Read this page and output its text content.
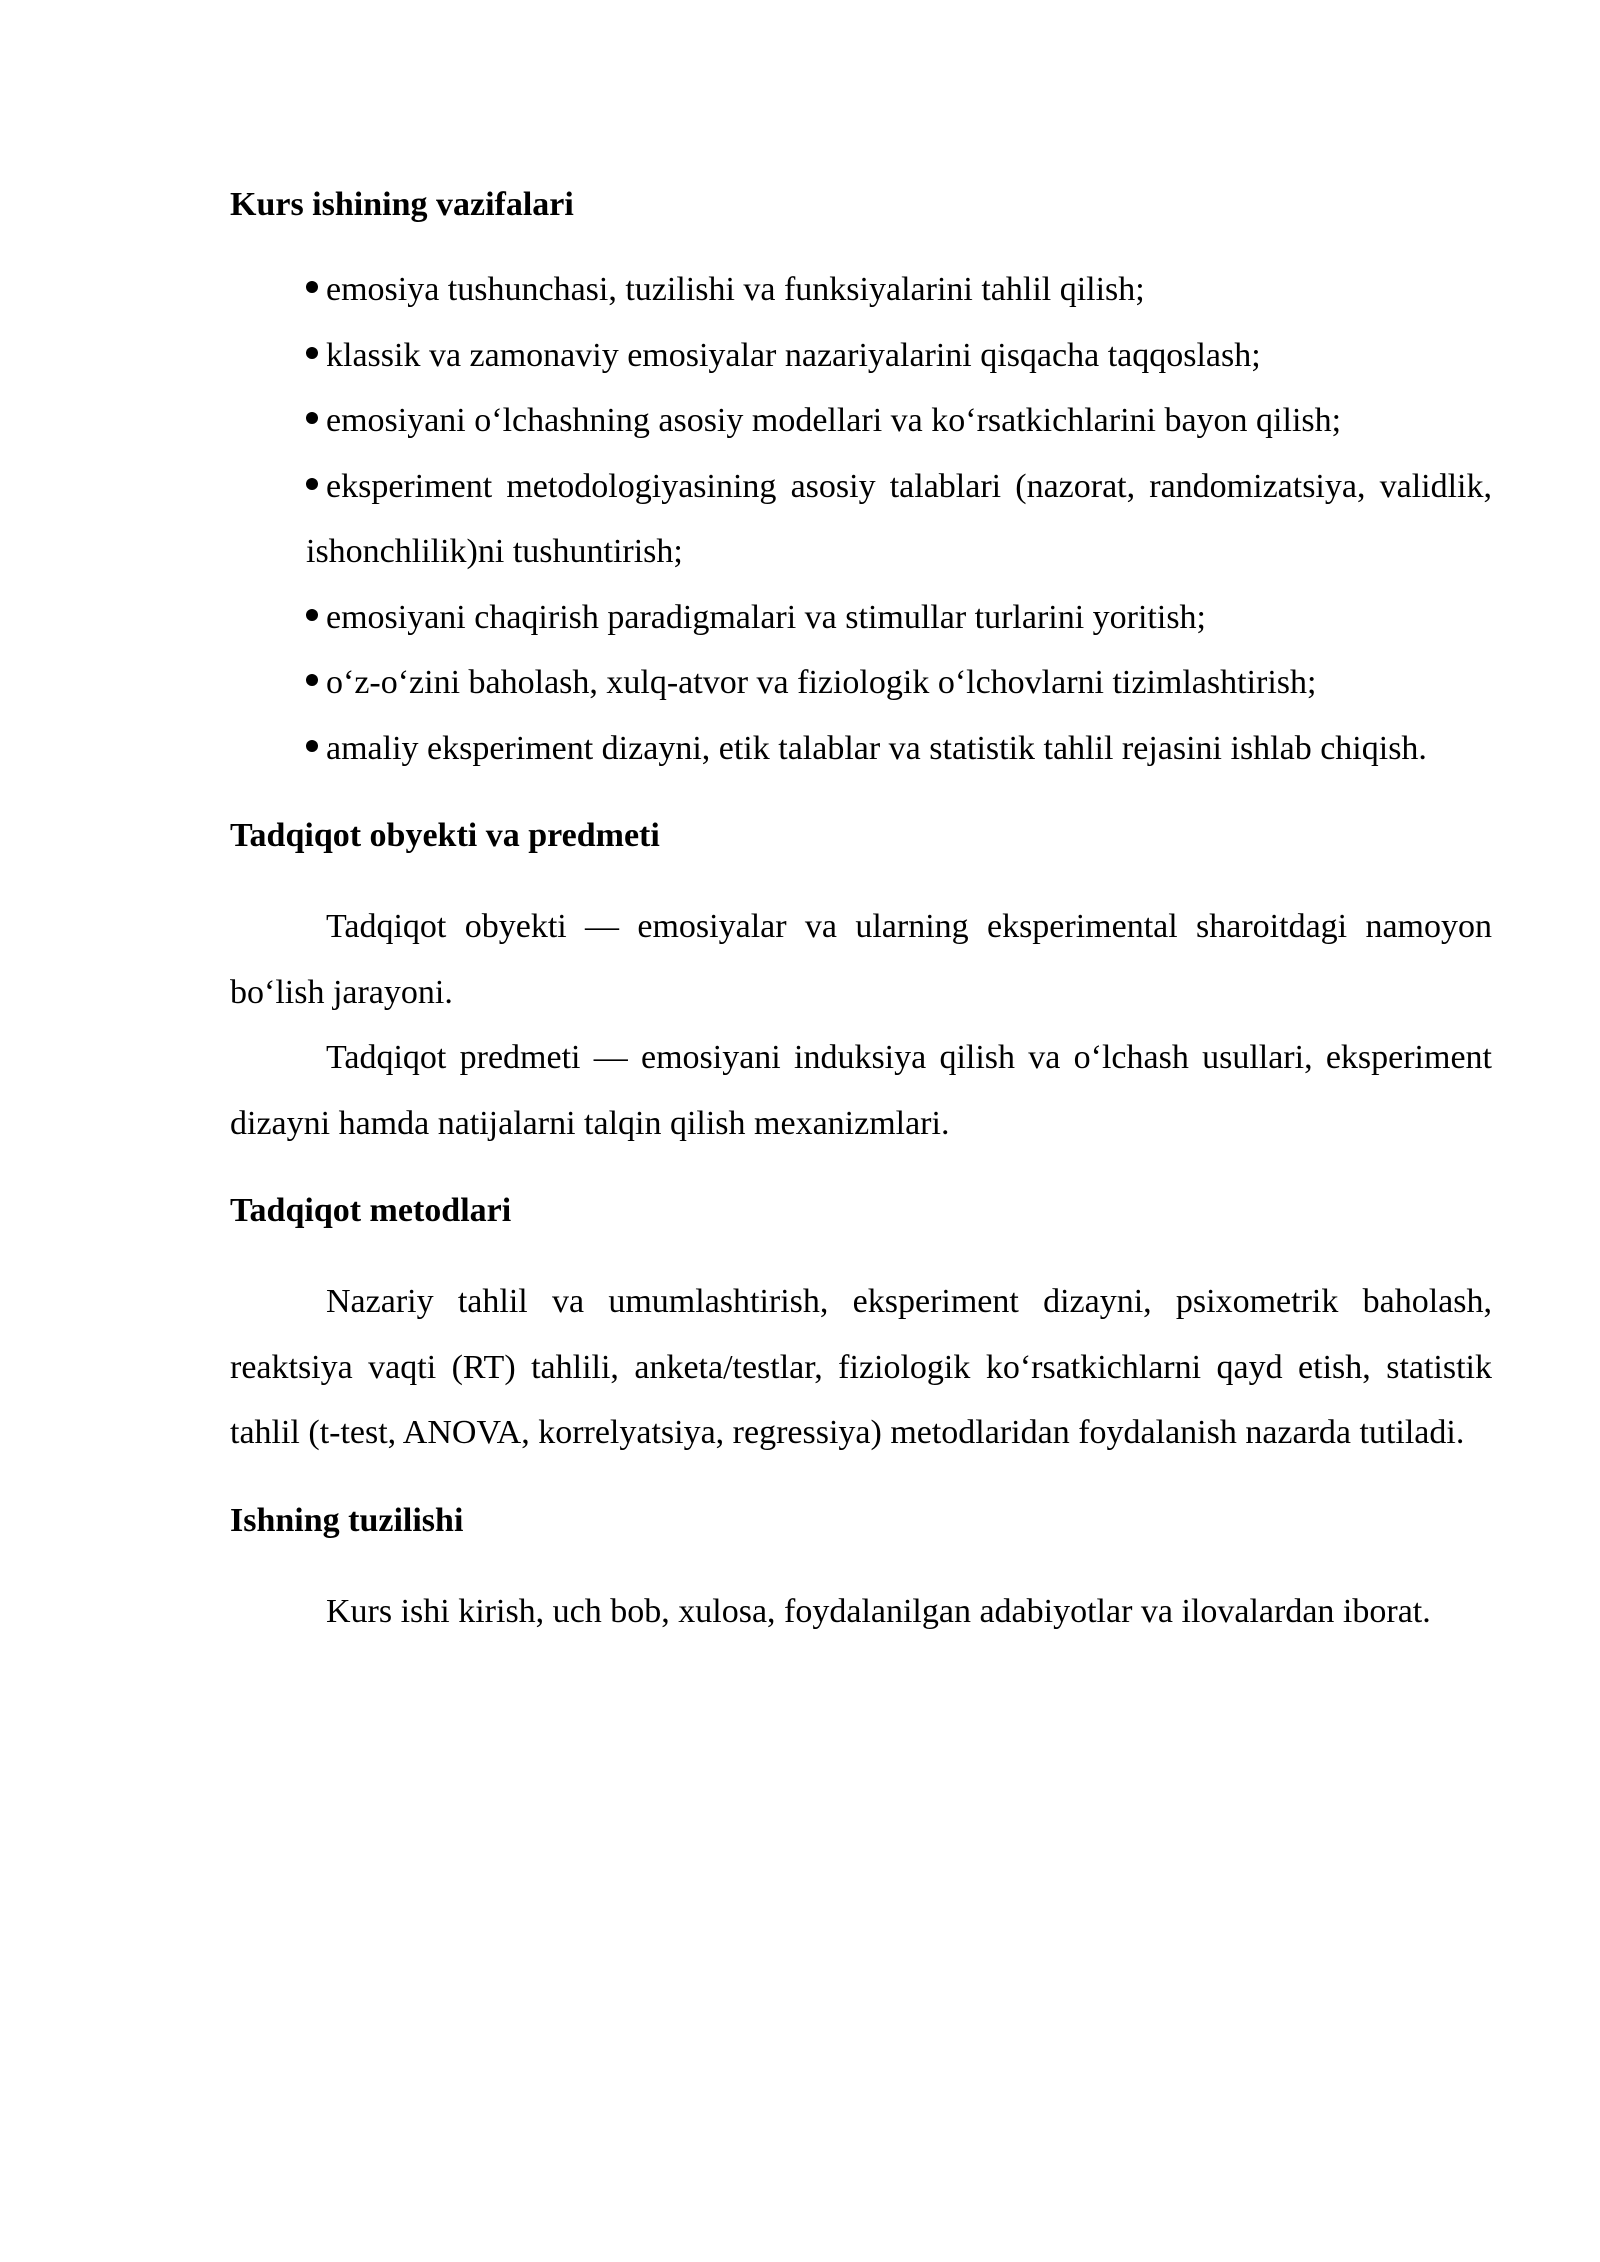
Kurs ishining vazifalari
emosiya tushunchasi, tuzilishi va funksiyalarini tahlil qilish;
klassik va zamonaviy emosiyalar nazariyalarini qisqacha taqqoslash;
emosiyani o‘lchashning asosiy modellari va ko‘rsatkichlarini bayon qilish;
eksperiment metodologiyasining asosiy talablari (nazorat, randomizatsiya, validlik, ishonchlilik)ni tushuntirish;
emosiyani chaqirish paradigmalari va stimullar turlarini yoritish;
o‘z-o‘zini baholash, xulq-atvor va fiziologik o‘lchovlarni tizimlashtirish;
amaliy eksperiment dizayni, etik talablar va statistik tahlil rejasini ishlab chiqish.
Tadqiqot obyekti va predmeti

Tadqiqot obyekti — emosiyalar va ularning eksperimental sharoitdagi namoyon bo‘lish jarayoni.

Tadqiqot predmeti — emosiyani induksiya qilish va o‘lchash usullari, eksperiment dizayni hamda natijalarni talqin qilish mexanizmlari.

Tadqiqot metodlari

Nazariy tahlil va umumlashtirish, eksperiment dizayni, psixometrik baholash, reaktsiya vaqti (RT) tahlili, anketa/testlar, fiziologik ko‘rsatkichlarni qayd etish, statistik tahlil (t-test, ANOVA, korrelyatsiya, regressiya) metodlaridan foydalanish nazarda tutiladi.

Ishning tuzilishi

Kurs ishi kirish, uch bob, xulosa, foydalanilgan adabiyotlar va ilovalardan iborat.
